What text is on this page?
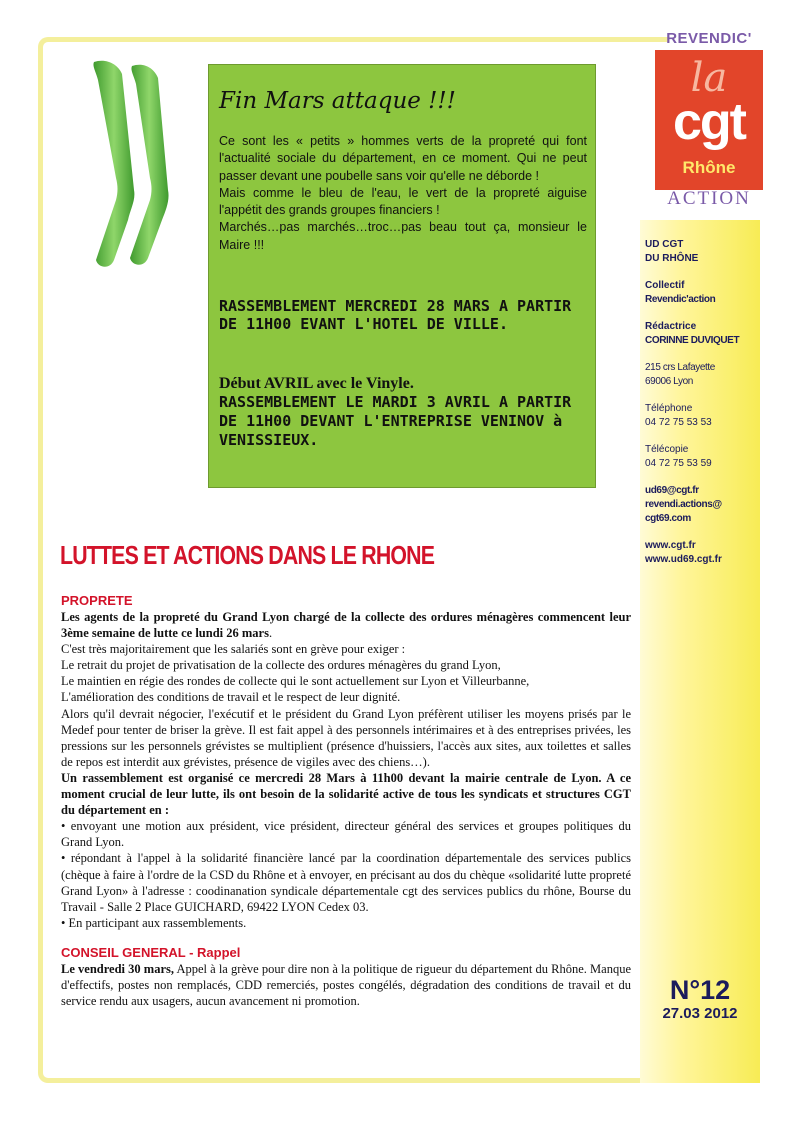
REVENDIC'
la
cgt
Rhône
ACTION
UD CGT
DU RHÔNE
Collectif
Revendic'action
Rédactrice
CORINNE DUVIQUET
215 crs Lafayette
69006 Lyon
Téléphone
04 72 75 53 53
Télécopie
04 72 75 53 59
ud69@cgt.fr
revendi.actions@
cgt69.com
www.cgt.fr
www.ud69.cgt.fr
N°12
27.03 2012
Fin Mars attaque !!!

Ce sont les « petits » hommes verts de la propreté qui font l'actualité sociale du département, en ce moment. Qui ne peut passer devant une poubelle sans voir qu'elle ne déborde !

Mais comme le bleu de l'eau, le vert de la propreté aiguise l'appétit des grands groupes financiers !

Marchés…pas marchés…troc…pas beau tout ça, monsieur le Maire !!!

RASSEMBLEMENT MERCREDI 28 MARS A PARTIR DE 11H00 EVANT L'HOTEL DE VILLE.
Début AVRIL avec le Vinyle.
RASSEMBLEMENT LE MARDI 3 AVRIL A PARTIR DE 11H00 DEVANT L'ENTREPRISE VENINOV à VENISSIEUX.
LUTTES ET ACTIONS DANS LE RHONE

PROPRETE

Les agents de la propreté du Grand Lyon chargé de la collecte des ordures ménagères commencent leur 3ème semaine de lutte ce lundi 26 mars.

C'est très majoritairement que les salariés sont en grève pour exiger :

Le retrait du projet de privatisation de la collecte des ordures ménagères du grand Lyon,

Le maintien en régie des rondes de collecte qui le sont actuellement sur Lyon et Villeurbanne,

L'amélioration des conditions de travail et le respect de leur dignité.

Alors qu'il devrait négocier, l'exécutif et le président du Grand Lyon préfèrent utiliser les moyens prisés par le Medef pour tenter de briser la grève. Il est fait appel à des personnels intérimaires et à des entreprises privées, les pressions sur les personnels grévistes se multiplient (présence d'huissiers, l'accès aux sites, aux toilettes et salles de repos est interdit aux grévistes, présence de vigiles avec des chiens…).

Un rassemblement est organisé ce mercredi 28 Mars à 11h00 devant la mairie centrale de Lyon. A ce moment crucial de leur lutte, ils ont besoin de la solidarité active de tous les syndicats et structures CGT du département en :

• envoyant une motion aux président, vice président, directeur général des services et groupes politiques du Grand Lyon.

• répondant à l'appel à la solidarité financière lancé par la coordination départementale des services publics (chèque à faire à l'ordre de la CSD du Rhône et à envoyer, en précisant au dos du chèque «solidarité lutte propreté Grand Lyon» à l'adresse : coodinanation syndicale départementale cgt des services publics du rhône, Bourse du Travail - Salle 2 Place GUICHARD, 69422 LYON Cedex 03.

• En participant aux rassemblements.

CONSEIL GENERAL - Rappel

Le vendredi 30 mars, Appel à la grève pour dire non à la politique de rigueur du département du Rhône. Manque d'effectifs, postes non remplacés, CDD remerciés, postes congélés, dégradation des conditions de travail et du service rendu aux usagers, aucun avancement ni promotion.
